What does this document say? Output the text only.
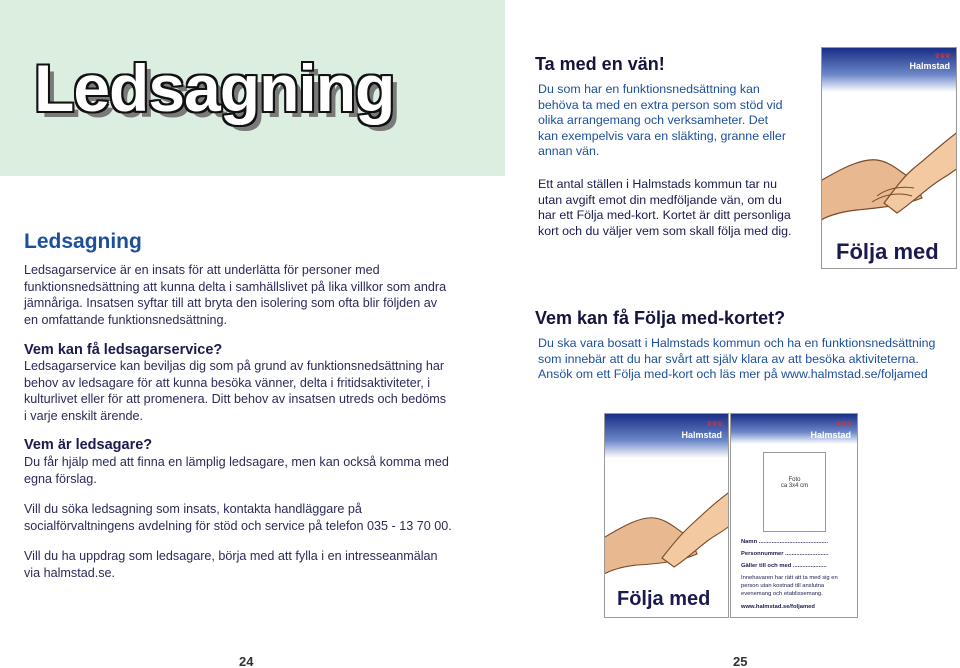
Ledsagning
Ledsagning
Ledsagarservice är en insats för att underlätta för personer med funktionsnedsättning att kunna delta i samhällslivet på lika villkor som andra jämnåriga. Insatsen syftar till att bryta den isolering som ofta blir följden av en omfattande funktionsnedsättning.
Vem kan få ledsagarservice?
Ledsagarservice kan beviljas dig som på grund av funktionsnedsättning har behov av ledsagare för att kunna besöka vänner, delta i fritidsaktiviteter, i kulturlivet eller för att promenera. Ditt behov av insatsen utreds och bedöms i varje enskilt ärende.
Vem är ledsagare?
Du får hjälp med att finna en lämplig ledsagare, men kan också komma med egna förslag.
Vill du söka ledsagning som insats, kontakta handläggare på socialförvaltningens avdelning för stöd och service på telefon 035 - 13 70 00.
Vill du ha uppdrag som ledsagare, börja med att fylla i en intresseanmälan via halmstad.se.
24
Ta med en vän!
Du som har en funktionsnedsättning kan behöva ta med en extra person som stöd vid olika arrangemang och verksamheter. Det kan exempelvis vara en släkting, granne eller annan vän.
Ett antal ställen i Halmstads kommun tar nu utan avgift emot din medföljande vän, om du har ett Följa med-kort. Kortet är ditt personliga kort och du väljer vem som skall följa med dig.
Vem kan få Följa med-kortet?
Du ska vara bosatt i Halmstads kommun och ha en funktionsnedsättning som innebär att du har svårt att själv klara av att besöka aktiviteterna. Ansök om ett Följa med-kort och läs mer på www.halmstad.se/foljamed
♛♛♛
Halmstad
Följa med
♛♛♛
Halmstad
Följa med
♛♛♛
Halmstad
Foto
ca 3x4 cm
Namn ...........................................
Personnummer ...........................
Gäller till och med .....................
Innehavaren har rätt att ta med sig en person utan kostnad till anslutna evenemang och etablissemang.
www.halmstad.se/foljamed
25
